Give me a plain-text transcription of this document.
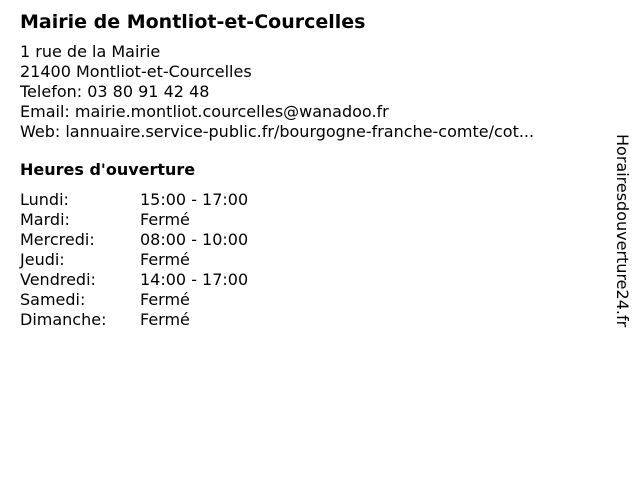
Mairie de Montliot-et-Courcelles
1 rue de la Mairie
21400 Montliot-et-Courcelles
Telefon: 03 80 91 42 48
Email: mairie.montliot.courcelles@wanadoo.fr
Web: lannuaire.service-public.fr/bourgogne-franche-comte/cot...
Heures d'ouverture
Lundi:	15:00 - 17:00
Mardi:	Fermé
Mercredi:	08:00 - 10:00
Jeudi:	Fermé
Vendredi:	14:00 - 17:00
Samedi:	Fermé
Dimanche:	Fermé	Horairesdouverture24.fr
